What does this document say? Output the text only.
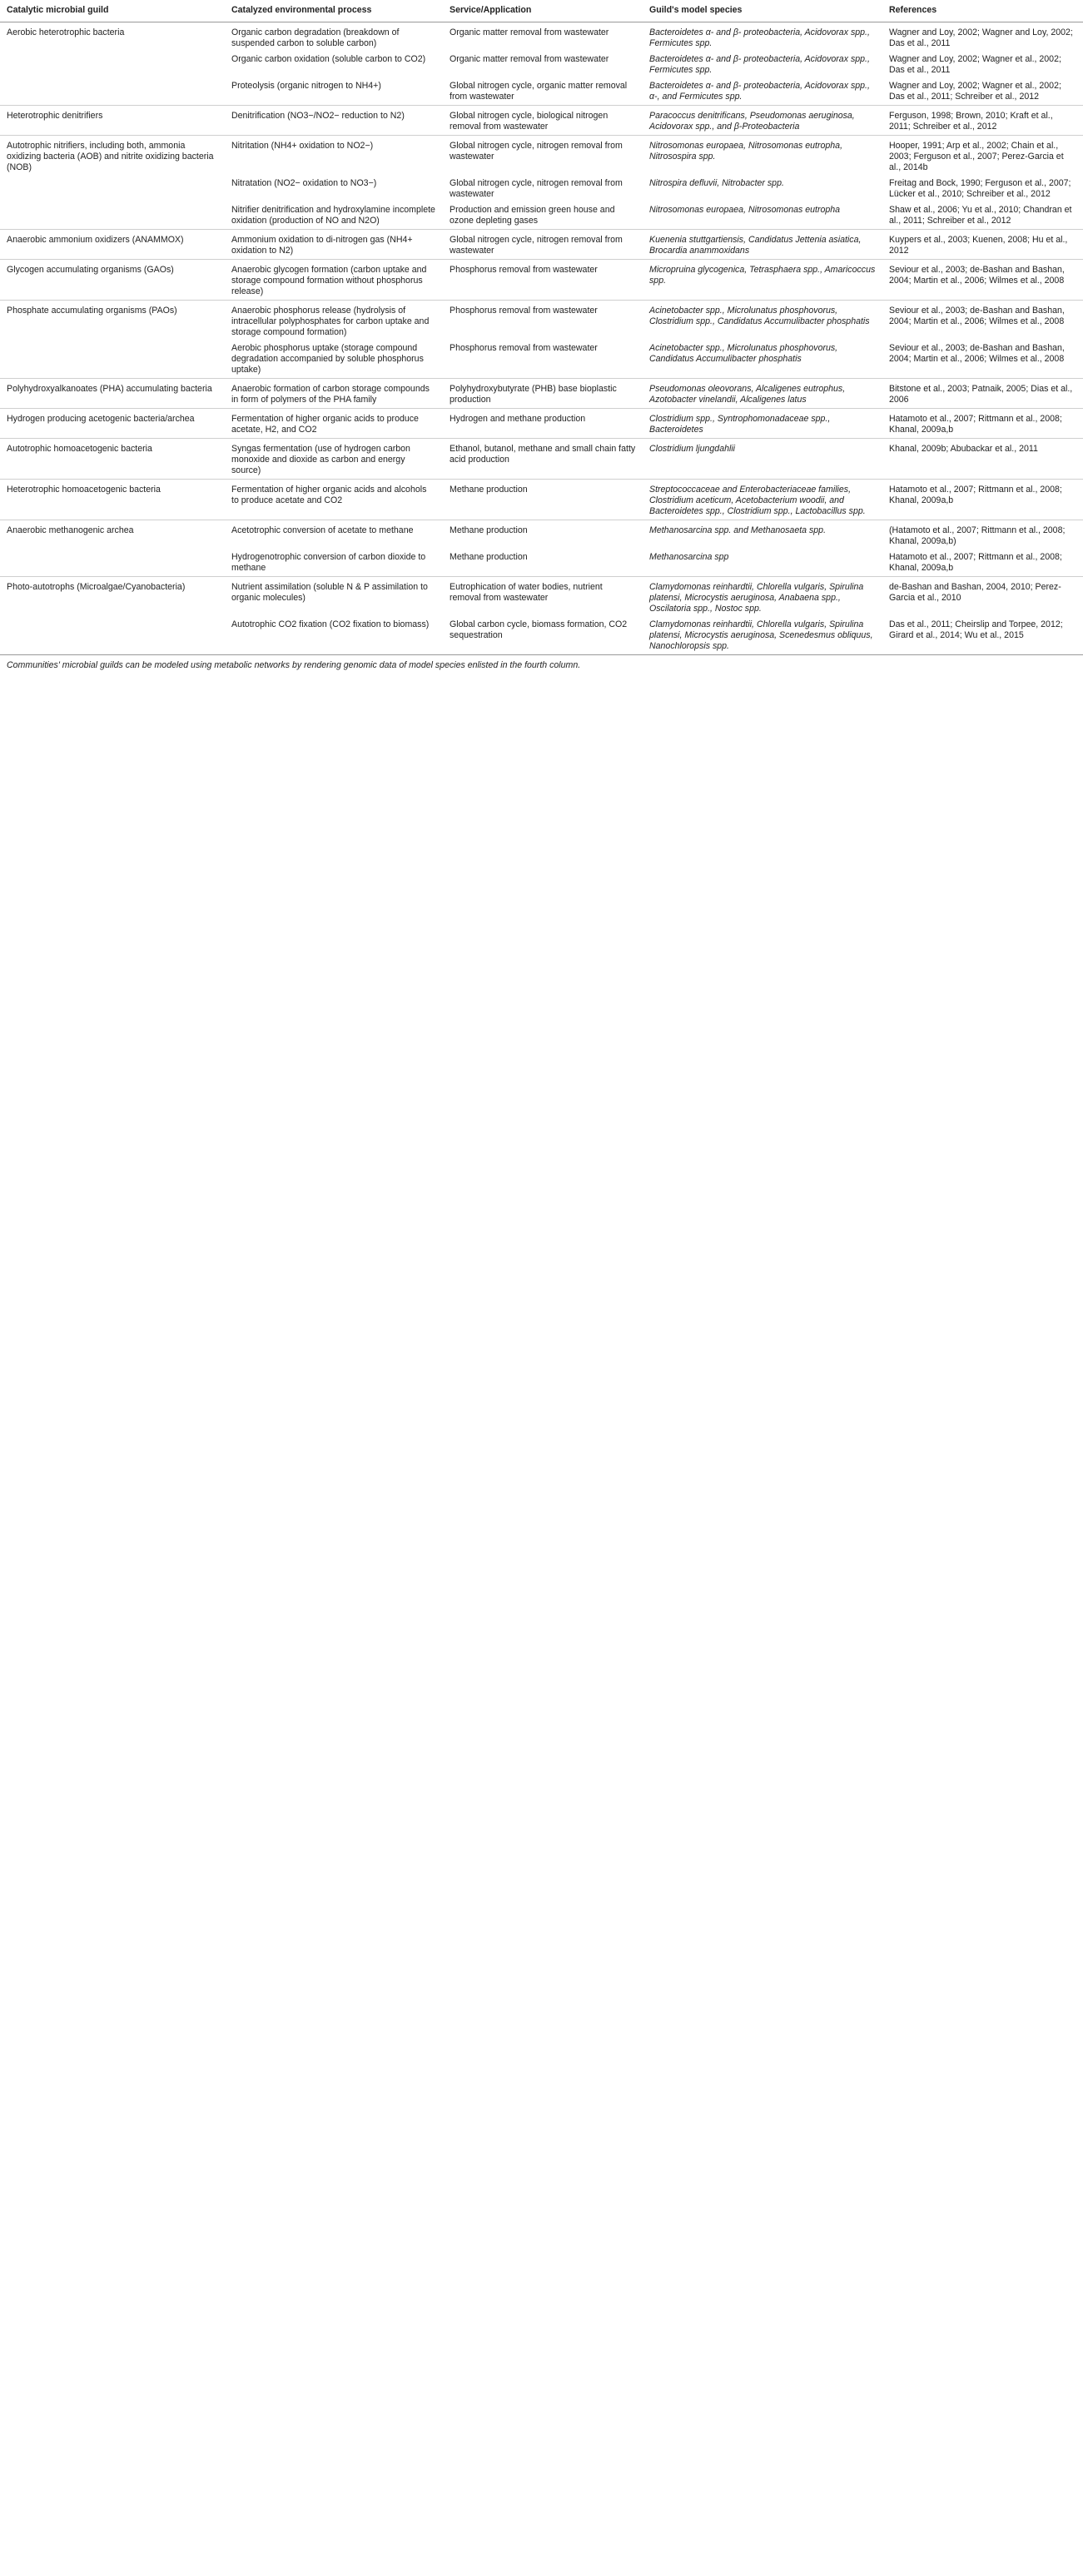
Catalytic microbial guild	Catalyzed environmental process	Service/Application	Guild's model species	References
Aerobic heterotrophic bacteria	Organic carbon degradation (breakdown of suspended carbon to soluble carbon)	Organic matter removal from wastewater	Bacteroidetes α- and β- proteobacteria, Acidovorax spp., Fermicutes spp.	Wagner and Loy, 2002; Wagner and Loy, 2002; Das et al., 2011
	Organic carbon oxidation (soluble carbon to CO2)	Organic matter removal from wastewater	Bacteroidetes α- and β- proteobacteria, Acidovorax spp., Fermicutes spp.	Wagner and Loy, 2002; Wagner et al., 2002; Das et al., 2011
	Proteolysis (organic nitrogen to NH4+)	Global nitrogen cycle, organic matter removal from wastewater	Bacteroidetes α- and β- proteobacteria, Acidovorax spp., α-, and Fermicutes spp.	Wagner and Loy, 2002; Wagner et al., 2002; Das et al., 2011; Schreiber et al., 2012
Heterotrophic denitrifiers	Denitrification (NO3−/NO2− reduction to N2)	Global nitrogen cycle, biological nitrogen removal from wastewater	Paracoccus denitrificans, Pseudomonas aeruginosa, Acidovorax spp., and β-Proteobacteria	Ferguson, 1998; Brown, 2010; Kraft et al., 2011; Schreiber et al., 2012
Autotrophic nitrifiers, including both, ammonia oxidizing bacteria (AOB) and nitrite oxidizing bacteria (NOB)	Nitritation (NH4+ oxidation to NO2−)	Global nitrogen cycle, nitrogen removal from wastewater	Nitrosomonas europaea, Nitrosomonas eutropha, Nitrosospira spp.	Hooper, 1991; Arp et al., 2002; Chain et al., 2003; Ferguson et al., 2007; Perez-Garcia et al., 2014b
	Nitratation (NO2− oxidation to NO3−)	Global nitrogen cycle, nitrogen removal from wastewater	Nitrospira defluvii, Nitrobacter spp.	Freitag and Bock, 1990; Ferguson et al., 2007; Lücker et al., 2010; Schreiber et al., 2012
	Nitrifier denitrification and hydroxylamine incomplete oxidation (production of NO and N2O)	Production and emission green house and ozone depleting gases	Nitrosomonas europaea, Nitrosomonas eutropha	Shaw et al., 2006; Yu et al., 2010; Chandran et al., 2011; Schreiber et al., 2012
Anaerobic ammonium oxidizers (ANAMMOX)	Ammonium oxidation to di-nitrogen gas (NH4+ oxidation to N2)	Global nitrogen cycle, nitrogen removal from wastewater	Kuenenia stuttgartiensis, Candidatus Jettenia asiatica, Brocardia anammoxidans	Kuypers et al., 2003; Kuenen, 2008; Hu et al., 2012
Glycogen accumulating organisms (GAOs)	Anaerobic glycogen formation (carbon uptake and storage compound formation without phosphorus release)	Phosphorus removal from wastewater	Micropruina glycogenica, Tetrasphaera spp., Amaricoccus spp.	Seviour et al., 2003; de-Bashan and Bashan, 2004; Martin et al., 2006; Wilmes et al., 2008
Phosphate accumulating organisms (PAOs)	Anaerobic phosphorus release (hydrolysis of intracellular polyphosphates for carbon uptake and storage compound formation)	Phosphorus removal from wastewater	Acinetobacter spp., Microlunatus phosphovorus, Clostridium spp., Candidatus Accumulibacter phosphatis	Seviour et al., 2003; de-Bashan and Bashan, 2004; Martin et al., 2006; Wilmes et al., 2008
	Aerobic phosphorus uptake (storage compound degradation accompanied by soluble phosphorus uptake)	Phosphorus removal from wastewater	Acinetobacter spp., Microlunatus phosphovorus, Candidatus Accumulibacter phosphatis	Seviour et al., 2003; de-Bashan and Bashan, 2004; Martin et al., 2006; Wilmes et al., 2008
Polyhydroxyalkanoates (PHA) accumulating bacteria	Anaerobic formation of carbon storage compounds in form of polymers of the PHA family	Polyhydroxybutyrate (PHB) base bioplastic production	Pseudomonas oleovorans, Alcaligenes eutrophus, Azotobacter vinelandii, Alcaligenes latus	Bitstone et al., 2003; Patnaik, 2005; Dias et al., 2006
Hydrogen producing acetogenic bacteria/archea	Fermentation of higher organic acids to produce acetate, H2, and CO2	Hydrogen and methane production	Clostridium spp., Syntrophomonadaceae spp., Bacteroidetes	Hatamoto et al., 2007; Rittmann et al., 2008; Khanal, 2009a,b
Autotrophic homoacetogenic bacteria	Syngas fermentation (use of hydrogen carbon monoxide and dioxide as carbon and energy source)	Ethanol, butanol, methane and small chain fatty acid production	Clostridium ljungdahlii	Khanal, 2009b; Abubackar et al., 2011
Heterotrophic homoacetogenic bacteria	Fermentation of higher organic acids and alcohols to produce acetate and CO2	Methane production	Streptococcaceae and Enterobacteriaceae families, Clostridium aceticum, Acetobacterium woodii, and Bacteroidetes spp., Clostridium spp., Lactobacillus spp.	Hatamoto et al., 2007; Rittmann et al., 2008; Khanal, 2009a,b
Anaerobic methanogenic archea	Acetotrophic conversion of acetate to methane	Methane production	Methanosarcina spp. and Methanosaeta spp.	(Hatamoto et al., 2007; Rittmann et al., 2008; Khanal, 2009a,b)
	Hydrogenotrophic conversion of carbon dioxide to methane	Methane production	Methanosarcina spp	Hatamoto et al., 2007; Rittmann et al., 2008; Khanal, 2009a,b
Photo-autotrophs (Microalgae/Cyanobacteria)	Nutrient assimilation (soluble N & P assimilation to organic molecules)	Eutrophication of water bodies, nutrient removal from wastewater	Clamydomonas reinhardtii, Chlorella vulgaris, Spirulina platensi, Microcystis aeruginosa, Anabaena spp., Oscilatoria spp., Nostoc spp.	de-Bashan and Bashan, 2004, 2010; Perez-Garcia et al., 2010
	Autotrophic CO2 fixation (CO2 fixation to biomass)	Global carbon cycle, biomass formation, CO2 sequestration	Clamydomonas reinhardtii, Chlorella vulgaris, Spirulina platensi, Microcystis aeruginosa, Scenedesmus obliquus, Nanochloropsis spp.	Das et al., 2011; Cheirslip and Torpee, 2012; Girard et al., 2014; Wu et al., 2015
Communities' microbial guilds can be modeled using metabolic networks by rendering genomic data of model species enlisted in the fourth column.
